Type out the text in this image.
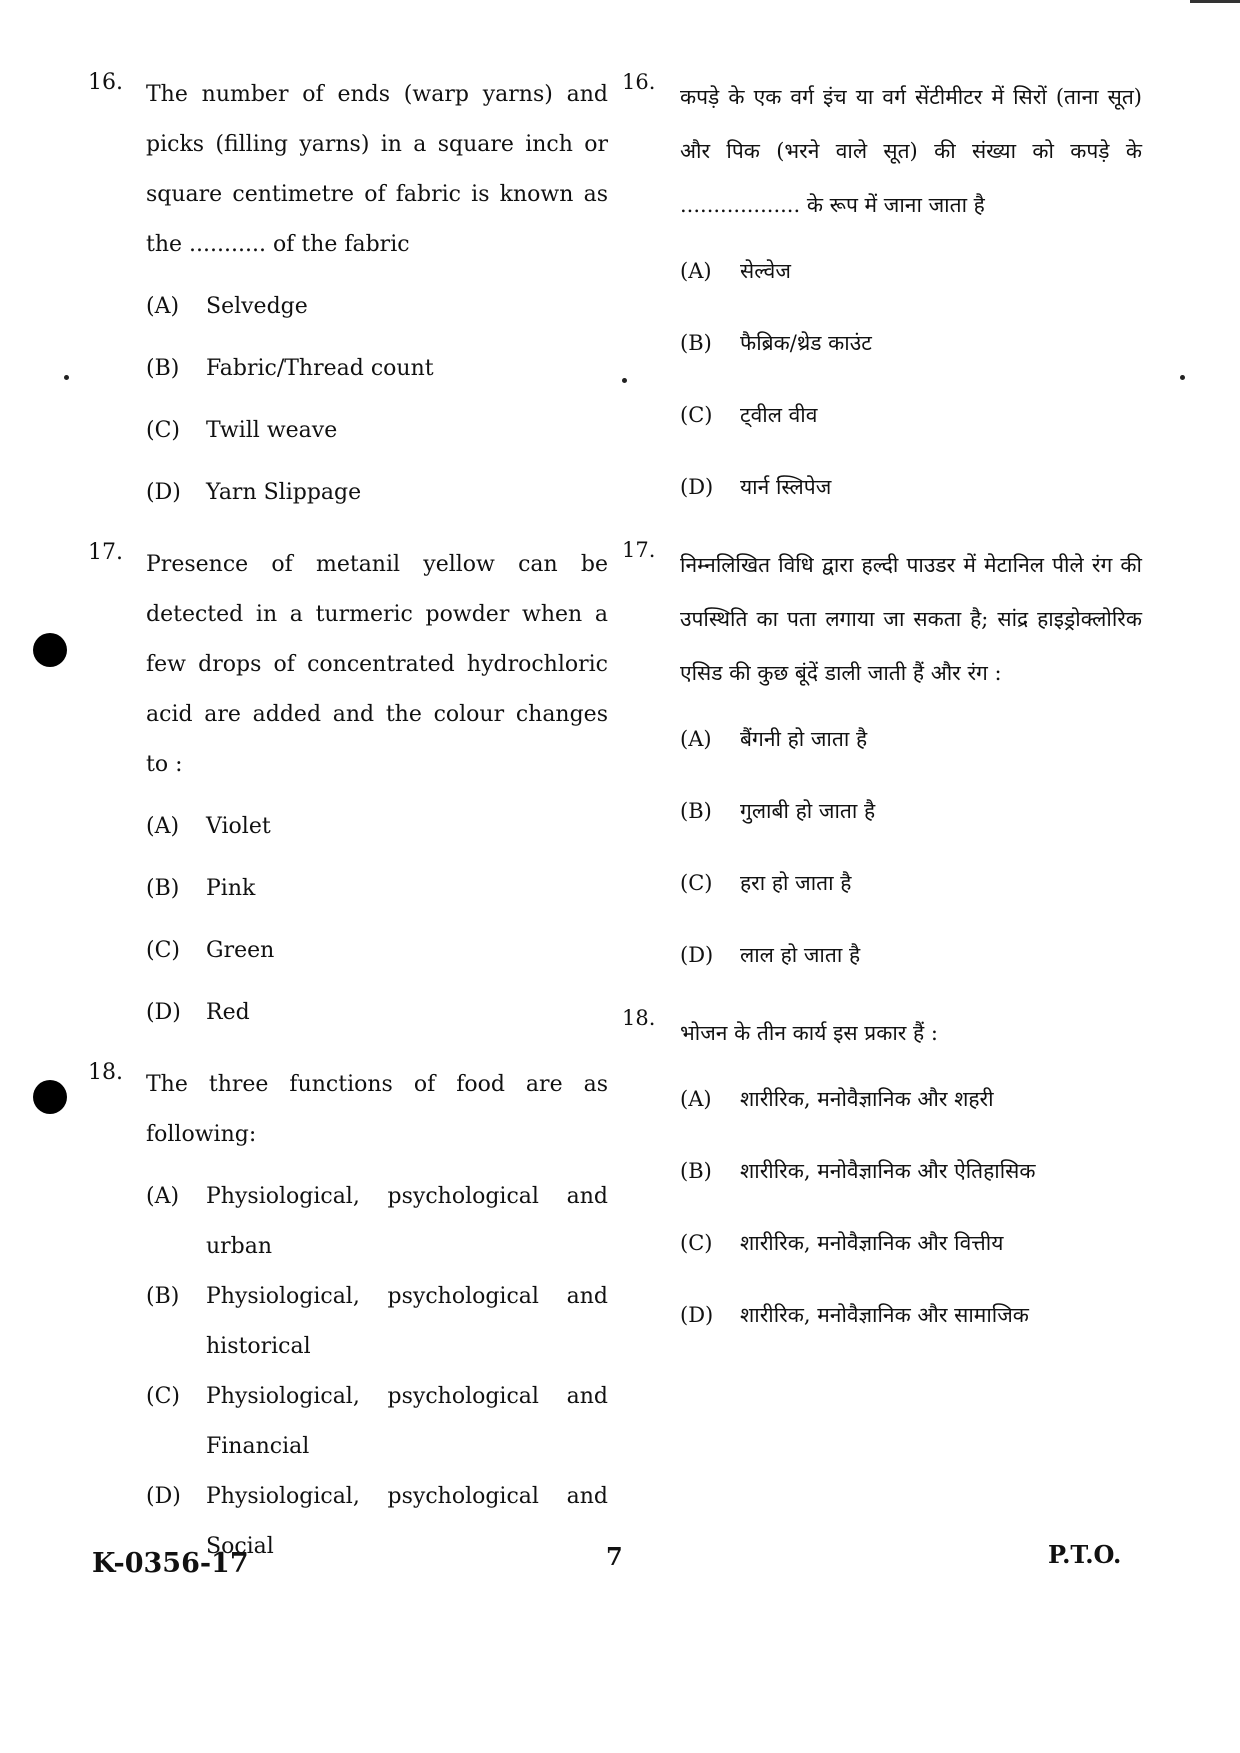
16. The number of ends (warp yarns) and picks (filling yarns) in a square inch or square centimetre of fabric is known as the ........... of the fabric
(A)	Selvedge
(B)	Fabric/Thread count
(C)	Twill weave
(D)	Yarn Slippage
17. Presence of metanil yellow can be detected in a turmeric powder when a few drops of concentrated hydrochloric acid are added and the colour changes to :
(A)	Violet
(B)	Pink
(C)	Green
(D)	Red
18. The three functions of food are as following:
(A)	Physiological, psychological and
urban
(B)	Physiological, psychological and
historical
(C)	Physiological, psychological and
Financial
(D)	Physiological, psychological and
Social
16.
कपड़े के एक वर्ग इंच या वर्ग सेंटीमीटर में सिरों (ताना सूत) और पिक (भरने वाले सूत) की संख्या को कपड़े के .................. के रूप में जाना जाता है
(A)	सेल्वेज
(B)	फैब्रिक/थ्रेड काउंट
(C)	ट्वील वीव
(D)	यार्न स्लिपेज
17.
निम्नलिखित विधि द्वारा हल्दी पाउडर में मेटानिल पीले रंग की उपस्थिति का पता लगाया जा सकता है; सांद्र हाइड्रोक्लोरिक एसिड की कुछ बूंदें डाली जाती हैं और रंग :
(A)	बैंगनी हो जाता है
(B)	गुलाबी हो जाता है
(C)	हरा हो जाता है
(D)	लाल हो जाता है
18.
भोजन के तीन कार्य इस प्रकार हैं :
(A)	शारीरिक, मनोवैज्ञानिक और शहरी
(B)	शारीरिक, मनोवैज्ञानिक और ऐतिहासिक
(C)	शारीरिक, मनोवैज्ञानिक और वित्तीय
(D)	शारीरिक, मनोवैज्ञानिक और सामाजिक
K-0356-17	7	P.T.O.
